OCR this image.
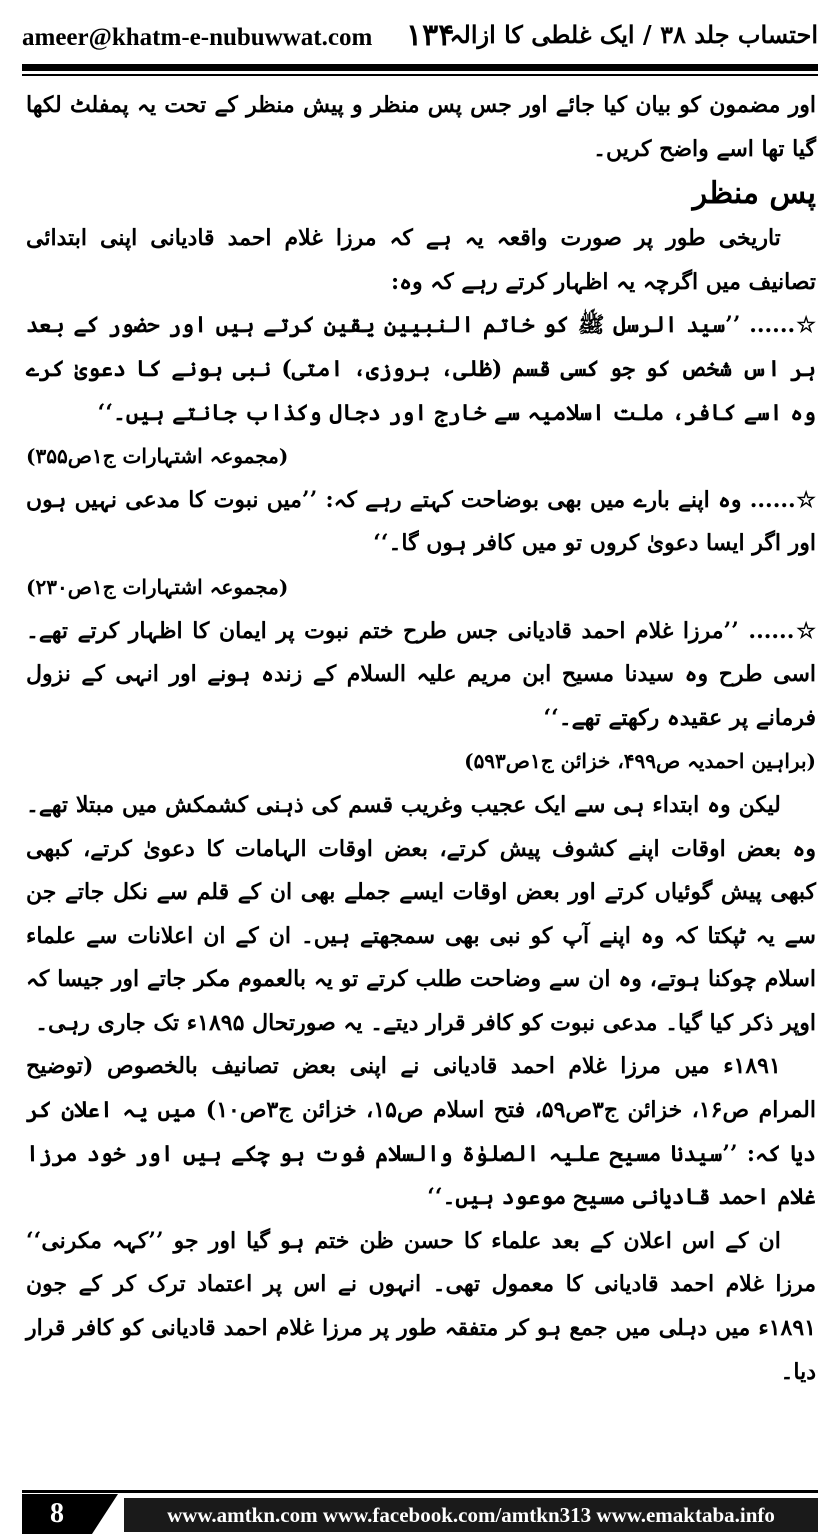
ameer@khatm-e-nubuwwat.com ۱۳۴
احتساب جلد ۳۸ / ایک غلطی کا ازالہ

اور مضمون کو بیان کیا جائے اور جس پس منظر و پیش منظر کے تحت یہ پمفلٹ لکھا گیا تھا اسے واضح کریں۔

پس منظر

تاریخی طور پر صورت واقعہ یہ ہے کہ مرزا غلام احمد قادیانی اپنی ابتدائی تصانیف میں اگرچہ یہ اظہار کرتے رہے کہ وہ:

☆...... ’’سید الرسل ﷺ کو خاتم النبیین یقین کرتے ہیں اور حضور کے بعد ہر اس شخص کو جو کسی قسم (ظلی، بروزی، امتی) نبی ہونے کا دعویٰ کرے وہ اسے کافر، ملت اسلامیہ سے خارج اور دجال وکذاب جانتے ہیں۔‘‘

(مجموعہ اشتہارات ج۱ص۳۵۵)

☆...... وہ اپنے بارے میں بھی بوضاحت کہتے رہے کہ: ’’میں نبوت کا مدعی نہیں ہوں اور اگر ایسا دعویٰ کروں تو میں کافر ہوں گا۔‘‘

(مجموعہ اشتہارات ج۱ص۲۳۰)

☆...... ’’مرزا غلام احمد قادیانی جس طرح ختم نبوت پر ایمان کا اظہار کرتے تھے۔ اسی طرح وہ سیدنا مسیح ابن مریم علیہ السلام کے زندہ ہونے اور انہی کے نزول فرمانے پر عقیدہ رکھتے تھے۔‘‘

(براہین احمدیہ ص۴۹۹، خزائن ج۱ص۵۹۳)

لیکن وہ ابتداء ہی سے ایک عجیب وغریب قسم کی ذہنی کشمکش میں مبتلا تھے۔ وہ بعض اوقات اپنے کشوف پیش کرتے، بعض اوقات الہامات کا دعویٰ کرتے، کبھی کبھی پیش گوئیاں کرتے اور بعض اوقات ایسے جملے بھی ان کے قلم سے نکل جاتے جن سے یہ ٹپکتا کہ وہ اپنے آپ کو نبی بھی سمجھتے ہیں۔ ان کے ان اعلانات سے علماء اسلام چوکنا ہوتے، وہ ان سے وضاحت طلب کرتے تو یہ بالعموم مکر جاتے اور جیسا کہ اوپر ذکر کیا گیا۔ مدعی نبوت کو کافر قرار دیتے۔ یہ صورتحال ۱۸۹۵ء تک جاری رہی۔

۱۸۹۱ء میں مرزا غلام احمد قادیانی نے اپنی بعض تصانیف بالخصوص (توضیح المرام ص۱۶، خزائن ج۳ص۵۹، فتح اسلام ص۱۵، خزائن ج۳ص۱۰) میں یہ اعلان کر دیا کہ: ’’سیدنا مسیح علیہ الصلوٰۃ والسلام فوت ہو چکے ہیں اور خود مرزا غلام احمد قادیانی مسیح موعود ہیں۔‘‘

ان کے اس اعلان کے بعد علماء کا حسن ظن ختم ہو گیا اور جو ’’کہہ مکرنی‘‘ مرزا غلام احمد قادیانی کا معمول تھی۔ انہوں نے اس پر اعتماد ترک کر کے جون ۱۸۹۱ء میں دہلی میں جمع ہو کر متفقہ طور پر مرزا غلام احمد قادیانی کو کافر قرار دیا۔

8	www.amtkn.com www.facebook.com/amtkn313 www.emaktaba.info
